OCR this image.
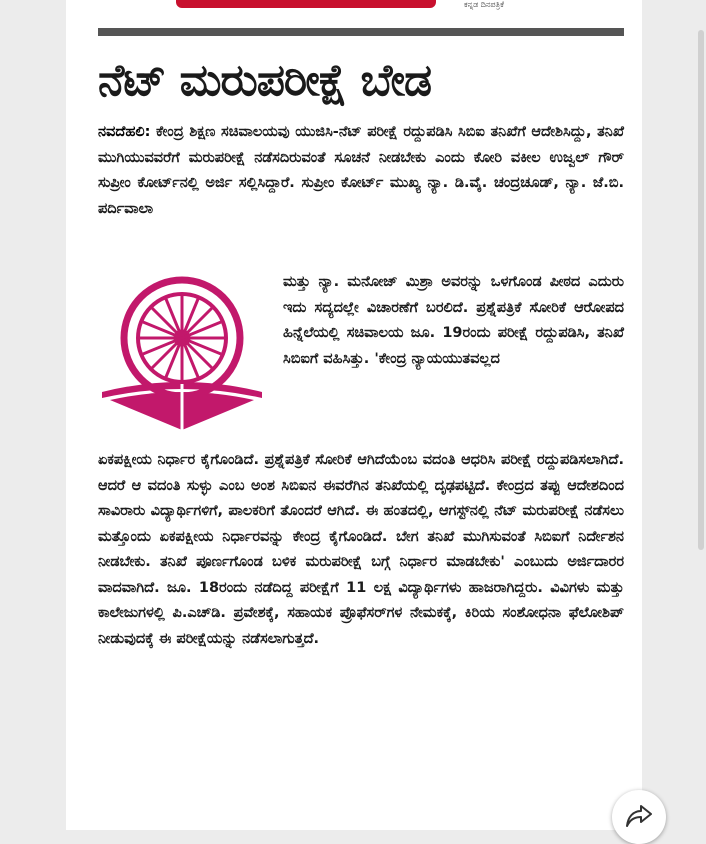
ಕನ್ನಡ ದಿನಪತ್ರಿಕೆ
ನೆಟ್ ಮರುಪರೀಕ್ಷೆ ಬೇಡ
ನವದೆಹಲಿ: ಕೇಂದ್ರ ಶಿಕ್ಷಣ ಸಚಿವಾಲಯವು ಯುಜಿಸಿ-ನೆಟ್ ಪರೀಕ್ಷೆ ರದ್ದುಪಡಿಸಿ ಸಿಬಿಐ ತನಿಖೆಗೆ ಆದೇಶಿಸಿದ್ದು, ತನಿಖೆ ಮುಗಿಯುವವರೆಗೆ ಮರುಪರೀಕ್ಷೆ ನಡೆಸದಿರುವಂತೆ ಸೂಚನೆ ನೀಡಬೇಕು ಎಂದು ಕೋರಿ ವಕೀಲ ಉಜ್ವಲ್ ಗೌರ್ ಸುಪ್ರೀಂ ಕೋರ್ಟ್‌ನಲ್ಲಿ ಅರ್ಜಿ ಸಲ್ಲಿಸಿದ್ದಾರೆ. ಸುಪ್ರೀಂ ಕೋರ್ಟ್ ಮುಖ್ಯ ನ್ಯಾ. ಡಿ.ವೈ. ಚಂದ್ರಚೂಡ್, ನ್ಯಾ. ಜೆ.ಬಿ. ಪರ್ದಿವಾಲಾ
ಮತ್ತು ನ್ಯಾ. ಮನೋಜ್ ಮಿಶ್ರಾ ಅವರನ್ನು ಒಳಗೊಂಡ ಪೀಠದ ಎದುರು ಇದು ಸದ್ಯದಲ್ಲೇ ವಿಚಾರಣೆಗೆ ಬರಲಿದೆ. ಪ್ರಶ್ನೆಪತ್ರಿಕೆ ಸೋರಿಕೆ ಆರೋಪದ ಹಿನ್ನೆಲೆಯಲ್ಲಿ ಸಚಿವಾಲಯ ಜೂ. 19ರಂದು ಪರೀಕ್ಷೆ ರದ್ದುಪಡಿಸಿ, ತನಿಖೆ ಸಿಬಿಐಗೆ ವಹಿಸಿತ್ತು. 'ಕೇಂದ್ರ ನ್ಯಾಯಯುತವಲ್ಲದ
ಏಕಪಕ್ಷೀಯ ನಿರ್ಧಾರ ಕೈಗೊಂಡಿದೆ. ಪ್ರಶ್ನೆಪತ್ರಿಕೆ ಸೋರಿಕೆ ಆಗಿದೆಯೆಂಬ ವದಂತಿ ಆಧರಿಸಿ ಪರೀಕ್ಷೆ ರದ್ದುಪಡಿಸಲಾಗಿದೆ. ಆದರೆ ಆ ವದಂತಿ ಸುಳ್ಳು ಎಂಬ ಅಂಶ ಸಿಬಿಐನ ಈವರೆಗಿನ ತನಿಖೆಯಲ್ಲಿ ದೃಢಪಟ್ಟಿದೆ. ಕೇಂದ್ರದ ತಪ್ಪು ಆದೇಶದಿಂದ ಸಾವಿರಾರು ವಿದ್ಯಾರ್ಥಿಗಳಿಗೆ, ಪಾಲಕರಿಗೆ ತೊಂದರೆ ಆಗಿದೆ. ಈ ಹಂತದಲ್ಲಿ, ಆಗಸ್ಟ್‌ನಲ್ಲಿ ನೆಟ್ ಮರುಪರೀಕ್ಷೆ ನಡೆಸಲು ಮತ್ತೊಂದು ಏಕಪಕ್ಷೀಯ ನಿರ್ಧಾರವನ್ನು ಕೇಂದ್ರ ಕೈಗೊಂಡಿದೆ. ಬೇಗ ತನಿಖೆ ಮುಗಿಸುವಂತೆ ಸಿಬಿಐಗೆ ನಿರ್ದೇಶನ ನೀಡಬೇಕು. ತನಿಖೆ ಪೂರ್ಣಗೊಂಡ ಬಳಿಕ ಮರುಪರೀಕ್ಷೆ ಬಗ್ಗೆ ನಿರ್ಧಾರ ಮಾಡಬೇಕು' ಎಂಬುದು ಅರ್ಜಿದಾರರ ವಾದವಾಗಿದೆ. ಜೂ. 18ರಂದು ನಡೆದಿದ್ದ ಪರೀಕ್ಷೆಗೆ 11 ಲಕ್ಷ ವಿದ್ಯಾರ್ಥಿಗಳು ಹಾಜರಾಗಿದ್ದರು. ವಿವಿಗಳು ಮತ್ತು ಕಾಲೇಜುಗಳಲ್ಲಿ ಪಿ.ಎಚ್‌ಡಿ. ಪ್ರವೇಶಕ್ಕೆ, ಸಹಾಯಕ ಪ್ರೊಫೆಸರ್‌ಗಳ ನೇಮಕಕ್ಕೆ, ಕಿರಿಯ ಸಂಶೋಧನಾ ಫೆಲೋಶಿಪ್ ನೀಡುವುದಕ್ಕೆ ಈ ಪರೀಕ್ಷೆಯನ್ನು ನಡೆಸಲಾಗುತ್ತದೆ.
